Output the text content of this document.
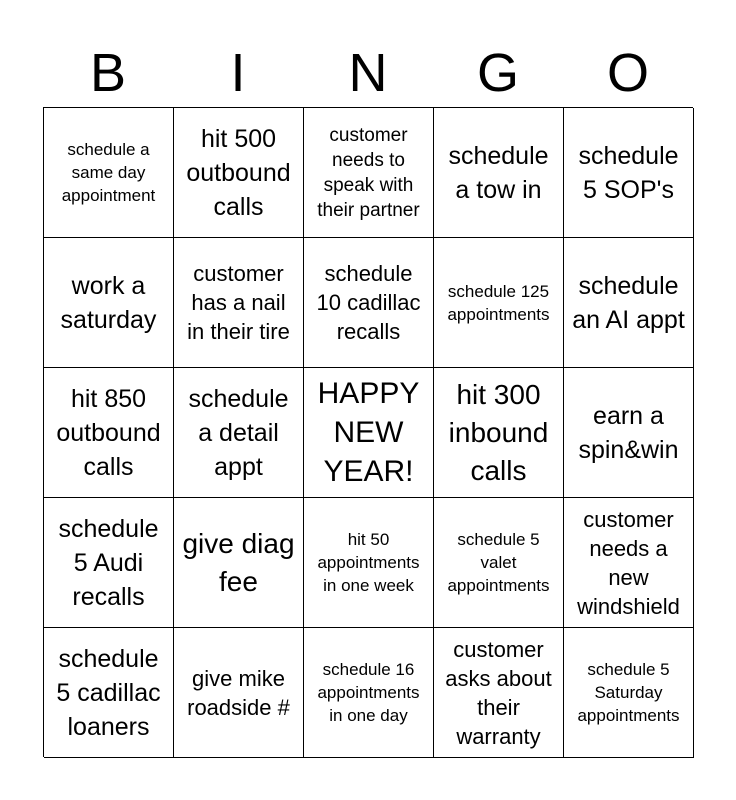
B	I	N	G	O
schedule a same day appointment
hit 500 outbound calls
customer needs to speak with their partner
schedule a tow in
schedule 5 SOP's
work a saturday
customer has a nail in their tire
schedule 10 cadillac recalls
schedule 125 appointments
schedule an AI appt
hit 850 outbound calls
schedule a detail appt
HAPPY NEW YEAR!
hit 300 inbound calls
earn a spin&win
schedule 5 Audi recalls
give diag fee
hit 50 appointments in one week
schedule 5 valet appointments
customer needs a new windshield
schedule 5 cadillac loaners
give mike roadside #
schedule 16 appointments in one day
customer asks about their warranty
schedule 5 Saturday appointments
